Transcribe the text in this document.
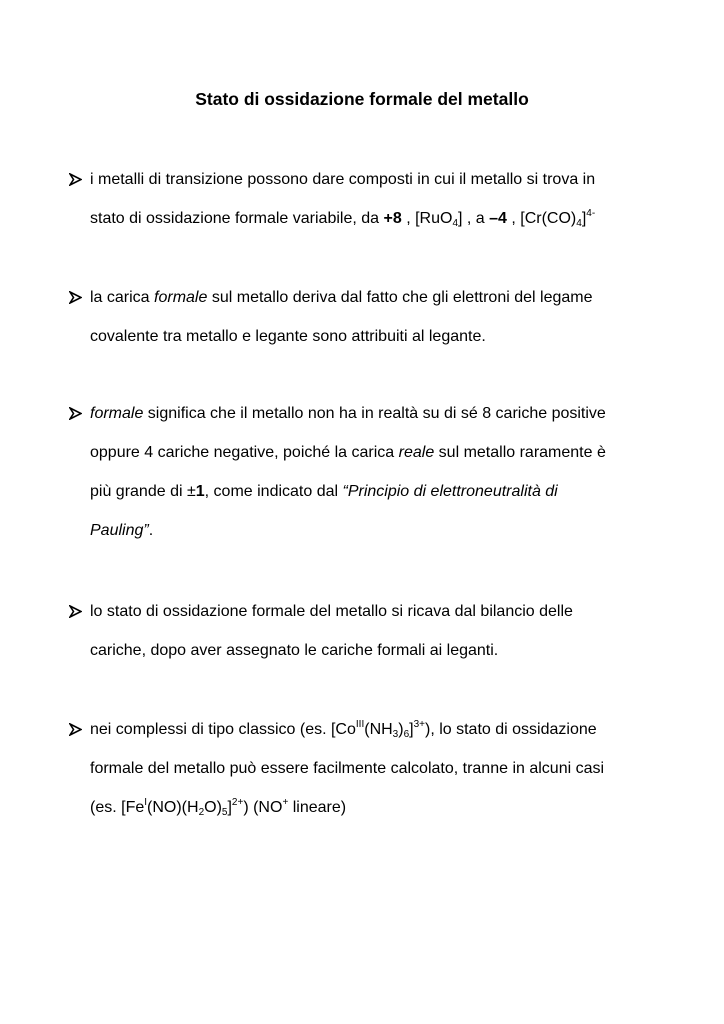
Stato di ossidazione formale del metallo
i metalli di transizione possono dare composti in cui il metallo si trova in
stato di ossidazione formale variabile, da +8 , [RuO$_4$] , a –4 , $[Cr(CO)_4]^{4-}$
la carica formale sul metallo deriva dal fatto che gli elettroni del legame
covalente tra metallo e legante sono attribuiti al legante.
formale significa che il metallo non ha in realtà su di sé 8 cariche positive
oppure 4 cariche negative, poiché la carica reale sul metallo raramente è
più grande di ±1, come indicato dal “Principio di elettroneutralità di
Pauling”.
lo stato di ossidazione formale del metallo si ricava dal bilancio delle
cariche, dopo aver assegnato le cariche formali ai leganti.
nei complessi di tipo classico (es. $[Co^{III}(NH_3)_6]^{3+}$), lo stato di ossidazione
formale del metallo può essere facilmente calcolato, tranne in alcuni casi
(es. $[Fe^I(NO)(H_2O)_5]^{2+}$) (NO+ lineare)
